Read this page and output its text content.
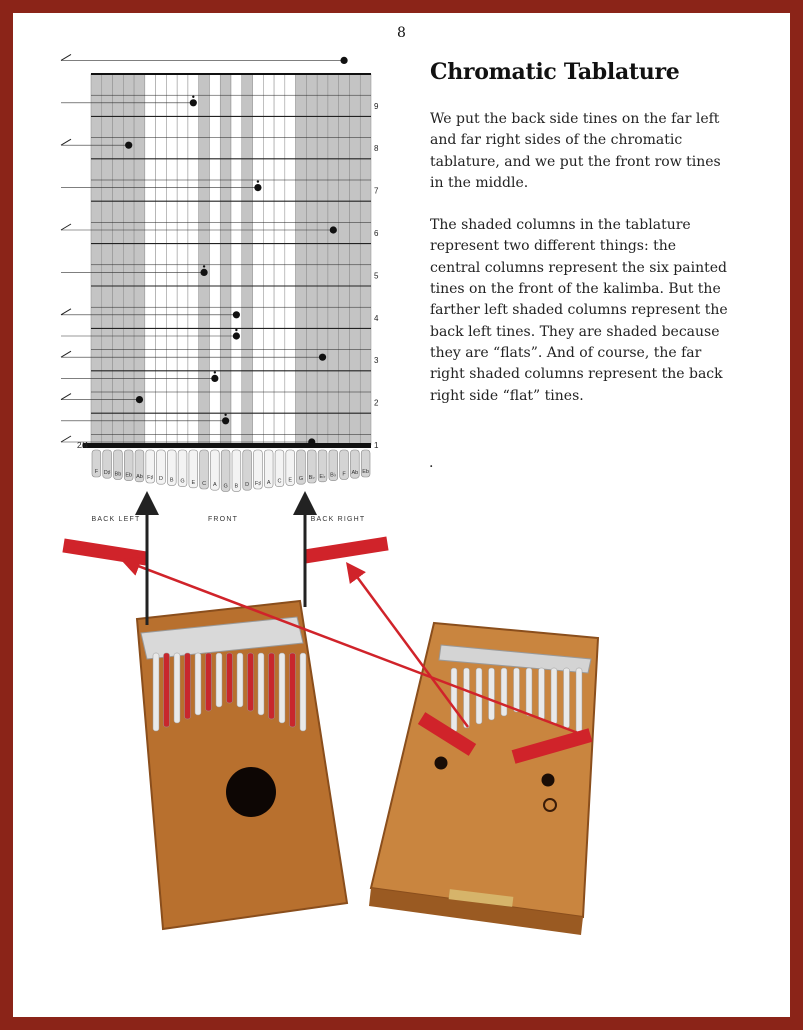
8
1
2
3
4
5
6
7
8
9
2/4
F D♯ Bb Eb Ab F♯ D B G E C A G B D F♯ A C E G B♭ E♭ B♭ F Ab Eb
BACK LEFT	FRONT	BACK RIGHT
Chromatic Tablature

We put the back side tines on the far left and far right sides of the chromatic tablature, and we put the front row tines in the middle.

The shaded columns in the tablature represent two different things: the central columns represent the six painted tines on the front of the kalimba. But the farther left shaded columns represent the back left tines. They are shaded because they are “flats”. And of course, the far right shaded columns represent the back right side “flat” tines.

.
